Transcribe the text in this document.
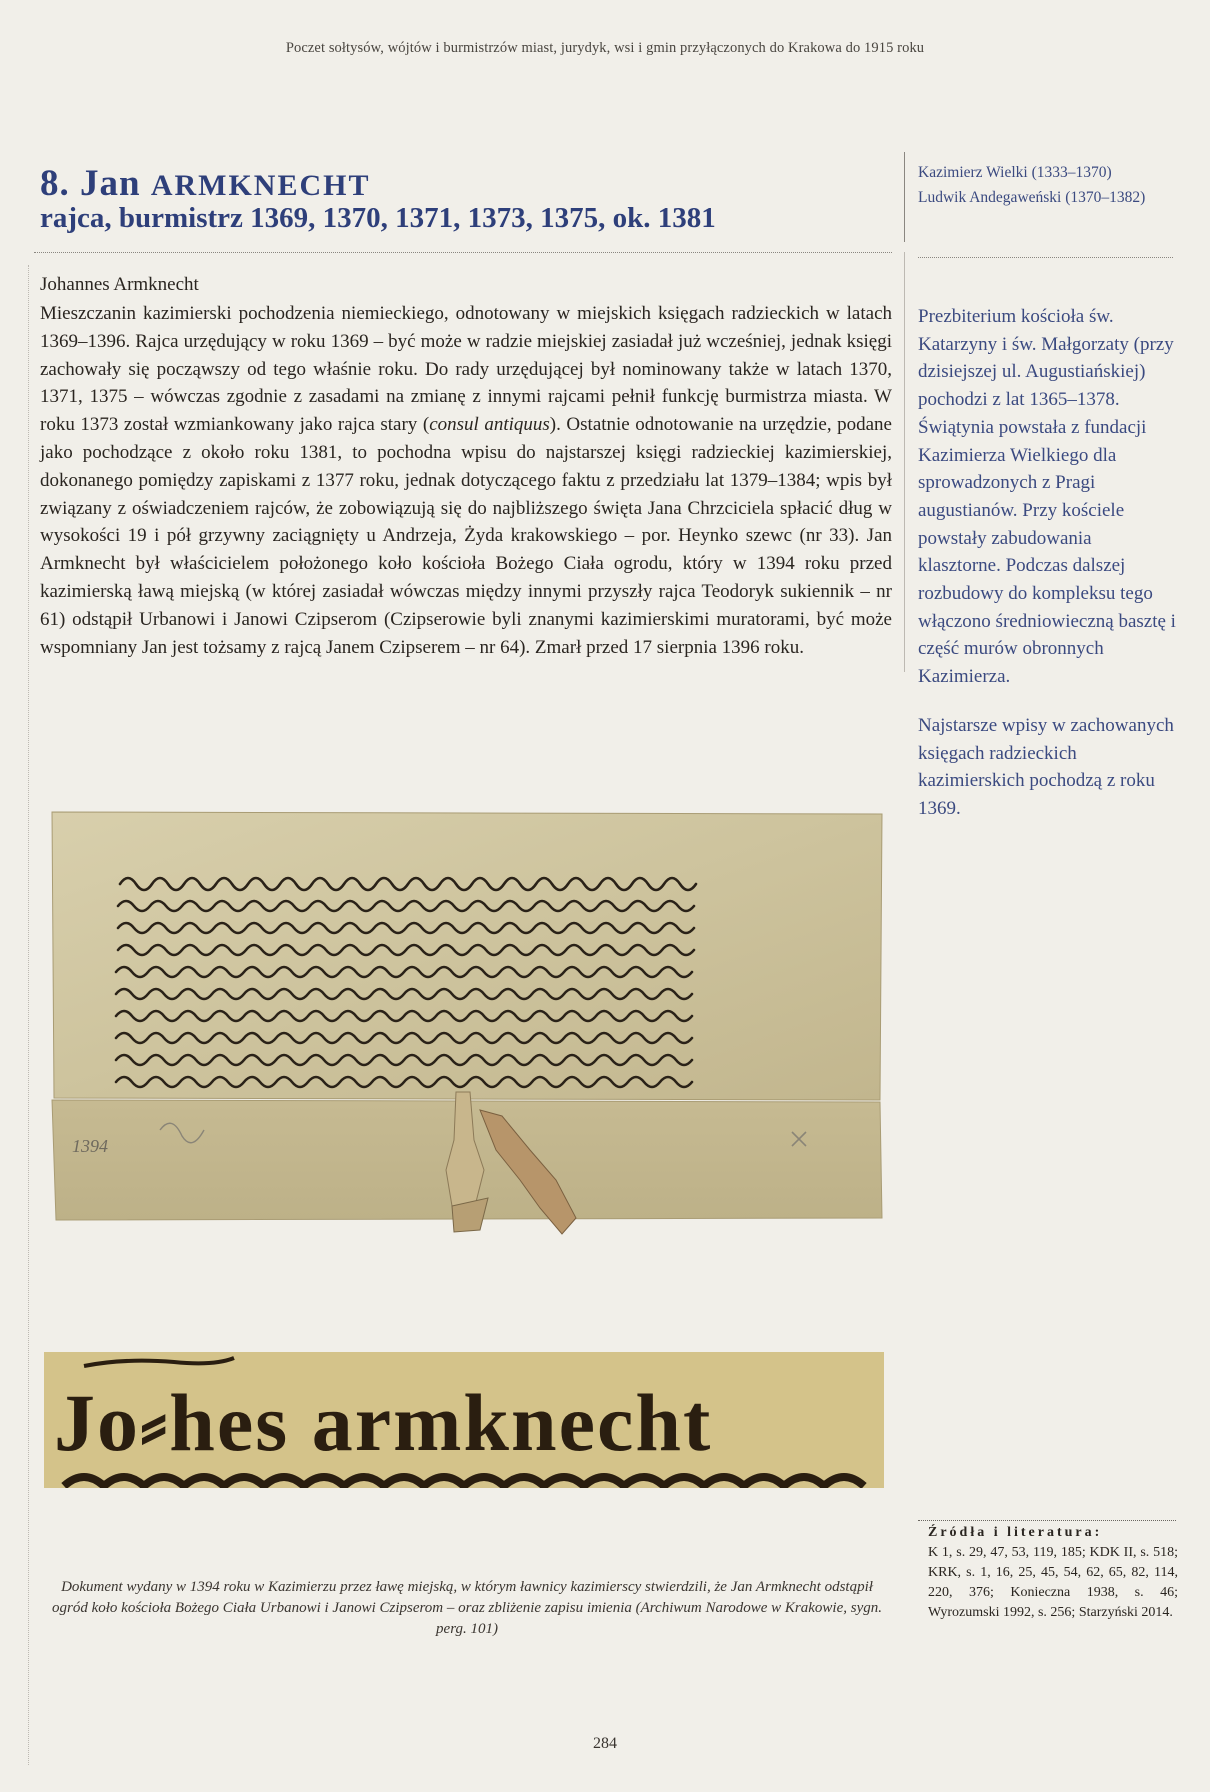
Poczet sołtysów, wójtów i burmistrzów miast, jurydyk, wsi i gmin przyłączonych do Krakowa do 1915 roku
8. Jan ARMKNECHT
rajca, burmistrz 1369, 1370, 1371, 1373, 1375, ok. 1381
Kazimierz Wielki (1333–1370)
Ludwik Andegaweński (1370–1382)
Johannes Armknecht
Mieszczanin kazimierski pochodzenia niemieckiego, odnotowany w miejskich księgach radzieckich w latach 1369–1396. Rajca urzędujący w roku 1369 – być może w radzie miejskiej zasiadał już wcześniej, jednak księgi zachowały się począwszy od tego właśnie roku. Do rady urzędującej był nominowany także w latach 1370, 1371, 1375 – wówczas zgodnie z zasadami na zmianę z innymi rajcami pełnił funkcję burmistrza miasta. W roku 1373 został wzmiankowany jako rajca stary (consul antiquus). Ostatnie odnotowanie na urzędzie, podane jako pochodzące z około roku 1381, to pochodna wpisu do najstarszej księgi radzieckiej kazimierskiej, dokonanego pomiędzy zapiskami z 1377 roku, jednak dotyczącego faktu z przedziału lat 1379–1384; wpis był związany z oświadczeniem rajców, że zobowiązują się do najbliższego święta Jana Chrzciciela spłacić dług w wysokości 19 i pół grzywny zaciągnięty u Andrzeja, Żyda krakowskiego – por. Heynko szewc (nr 33). Jan Armknecht był właścicielem położonego koło kościoła Bożego Ciała ogrodu, który w 1394 roku przed kazimierską ławą miejską (w której zasiadał wówczas między innymi przyszły rajca Teodoryk sukiennik – nr 61) odstąpił Urbanowi i Janowi Czipserom (Czipserowie byli znanymi kazimierskimi muratorami, być może wspomniany Jan jest tożsamy z rajcą Janem Czipserem – nr 64). Zmarł przed 17 sierpnia 1396 roku.
Prezbiterium kościoła św. Katarzyny i św. Małgorzaty (przy dzisiejszej ul. Augustiańskiej) pochodzi z lat 1365–1378. Świątynia powstała z fundacji Kazimierza Wielkiego dla sprowadzonych z Pragi augustianów. Przy kościele powstały zabudowania klasztorne. Podczas dalszej rozbudowy do kompleksu tego włączono średniowieczną basztę i część murów obronnych Kazimierza.
Najstarsze wpisy w zachowanych księgach radzieckich kazimierskich pochodzą z roku 1369.
1394
Jo⸗hes armknecht
Dokument wydany w 1394 roku w Kazimierzu przez ławę miejską, w którym ławnicy kazimierscy stwierdzili, że Jan Armknecht odstąpił ogród koło kościoła Bożego Ciała Urbanowi i Janowi Czipserom – oraz zbliżenie zapisu imienia (Archiwum Narodowe w Krakowie, sygn. perg. 101)
Źródła i literatura:
K 1, s. 29, 47, 53, 119, 185; KDK II, s. 518; KRK, s. 1, 16, 25, 45, 54, 62, 65, 82, 114, 220, 376; Konieczna 1938, s. 46; Wyrozumski 1992, s. 256; Starzyński 2014.
284
